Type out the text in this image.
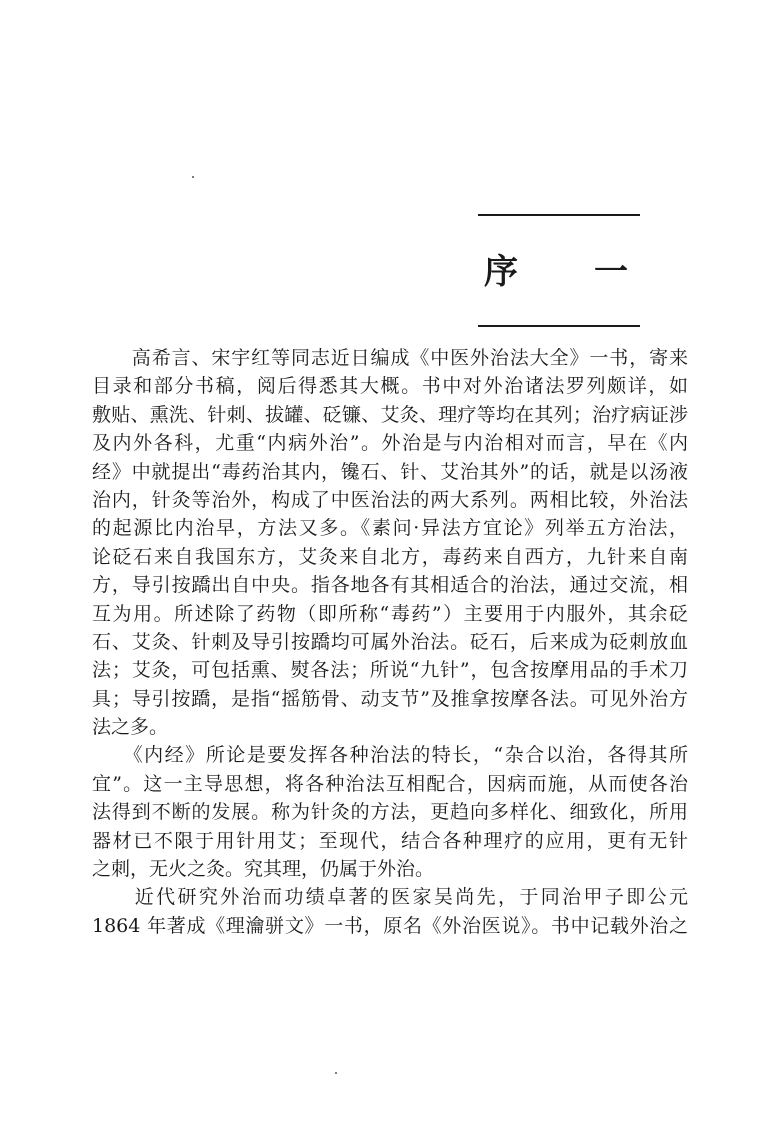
序 一
　　高希言、宋宇红等同志近日编成《中医外治法大全》一书，寄来
目录和部分书稿，阅后得悉其大概。书中对外治诸法罗列颇详，如
敷贴、熏洗、针刺、拔罐、砭镰、艾灸、理疗等均在其列；治疗病证涉
及内外各科，尤重“内病外治”。外治是与内治相对而言，早在《内
经》中就提出“毒药治其内，镵石、针、艾治其外”的话，就是以汤液
治内，针灸等治外，构成了中医治法的两大系列。两相比较，外治法
的起源比内治早，方法又多。《素问·异法方宜论》列举五方治法，
论砭石来自我国东方，艾灸来自北方，毒药来自西方，九针来自南
方，导引按蹻出自中央。指各地各有其相适合的治法，通过交流，相
互为用。所述除了药物（即所称“毒药”）主要用于内服外，其余砭
石、艾灸、针刺及导引按蹻均可属外治法。砭石，后来成为砭刺放血
法；艾灸，可包括熏、熨各法；所说“九针”，包含按摩用品的手术刀
具；导引按蹻，是指“摇筋骨、动支节”及推拿按摩各法。可见外治方
法之多。
　　《内经》所论是要发挥各种治法的特长，“杂合以治，各得其所
宜”。这一主导思想，将各种治法互相配合，因病而施，从而使各治
法得到不断的发展。称为针灸的方法，更趋向多样化、细致化，所用
器材已不限于用针用艾；至现代，结合各种理疗的应用，更有无针
之刺，无火之灸。究其理，仍属于外治。
　　近代研究外治而功绩卓著的医家吴尚先，于同治甲子即公元
1864 年著成《理瀹骈文》一书，原名《外治医说》。书中记载外治之
